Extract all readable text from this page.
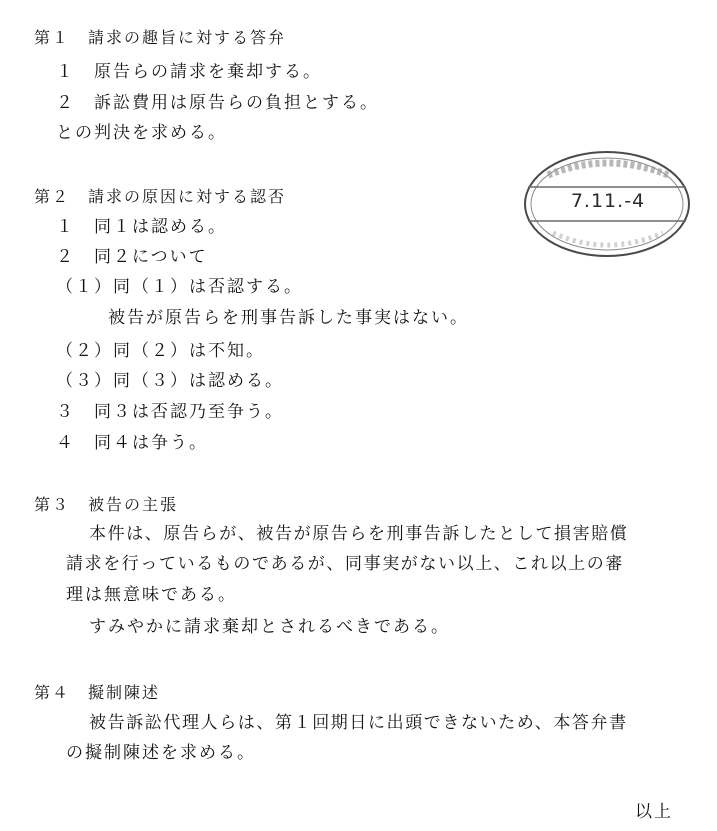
第１　請求の趣旨に対する答弁
１　原告らの請求を棄却する。
２　訴訟費用は原告らの負担とする。
との判決を求める。
第２　請求の原因に対する認否
１　同１は認める。
２　同２について
（１）同（１）は否認する。
被告が原告らを刑事告訴した事実はない。
（２）同（２）は不知。
（３）同（３）は認める。
３　同３は否認乃至争う。
４　同４は争う。
第３　被告の主張
本件は、原告らが、被告が原告らを刑事告訴したとして損害賠償
請求を行っているものであるが、同事実がない以上、これ以上の審
理は無意味である。
すみやかに請求棄却とされるべきである。
第４　擬制陳述
被告訴訟代理人らは、第１回期日に出頭できないため、本答弁書
の擬制陳述を求める。
以上
7.11.-4
